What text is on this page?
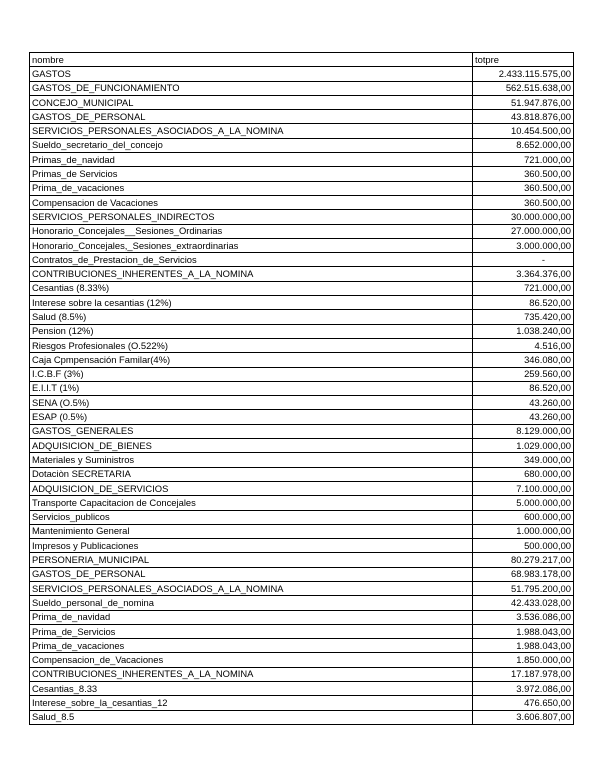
nombre	totpre
GASTOS	2.433.115.575,00
GASTOS_DE_FUNCIONAMIENTO	562.515.638,00
CONCEJO_MUNICIPAL	51.947.876,00
GASTOS_DE_PERSONAL	43.818.876,00
SERVICIOS_PERSONALES_ASOCIADOS_A_LA_NOMINA	10.454.500,00
Sueldo_secretario_del_concejo	8.652.000,00
Primas_de_navidad	721.000,00
Primas_de Servicios	360.500,00
Prima_de_vacaciones	360.500,00
Compensacion de Vacaciones	360.500,00
SERVICIOS_PERSONALES_INDIRECTOS	30.000.000,00
Honorario_Concejales__Sesiones_Ordinarias	27.000.000,00
Honorario_Concejales,_Sesiones_extraordinarias	3.000.000,00
Contratos_de_Prestacion_de_Servicios	-
CONTRIBUCIONES_INHERENTES_A_LA_NOMINA	3.364.376,00
Cesantias (8.33%)	721.000,00
Interese sobre la cesantias (12%)	86.520,00
Salud (8.5%)	735.420,00
Pension (12%)	1.038.240,00
Riesgos Profesionales (O.522%)	4.516,00
Caja Cpmpensación Familar(4%)	346.080,00
I.C.B.F (3%)	259.560,00
E.I.I.T (1%)	86.520,00
SENA (O.5%)	43.260,00
ESAP (0.5%)	43.260,00
GASTOS_GENERALES	8.129.000,00
ADQUISICION_DE_BIENES	1.029.000,00
Materiales y Suministros	349.000,00
Dotaciòn SECRETARIA	680.000,00
ADQUISICION_DE_SERVICIOS	7.100.000,00
Transporte Capacitacion de Concejales	5.000.000,00
Servicios_publicos	600.000,00
Mantenimiento General	1.000.000,00
Impresos y Publicaciones	500.000,00
PERSONERIA_MUNICIPAL	80.279.217,00
GASTOS_DE_PERSONAL	68.983.178,00
SERVICIOS_PERSONALES_ASOCIADOS_A_LA_NOMINA	51.795.200,00
Sueldo_personal_de_nomina	42.433.028,00
Prima_de_navidad	3.536.086,00
Prima_de_Servicios	1.988.043,00
Prima_de_vacaciones	1.988.043,00
Compensacion_de_Vacaciones	1.850.000,00
CONTRIBUCIONES_INHERENTES_A_LA_NOMINA	17.187.978,00
Cesantias_8.33	3.972.086,00
Interese_sobre_la_cesantias_12	476.650,00
Salud_8.5	3.606.807,00
